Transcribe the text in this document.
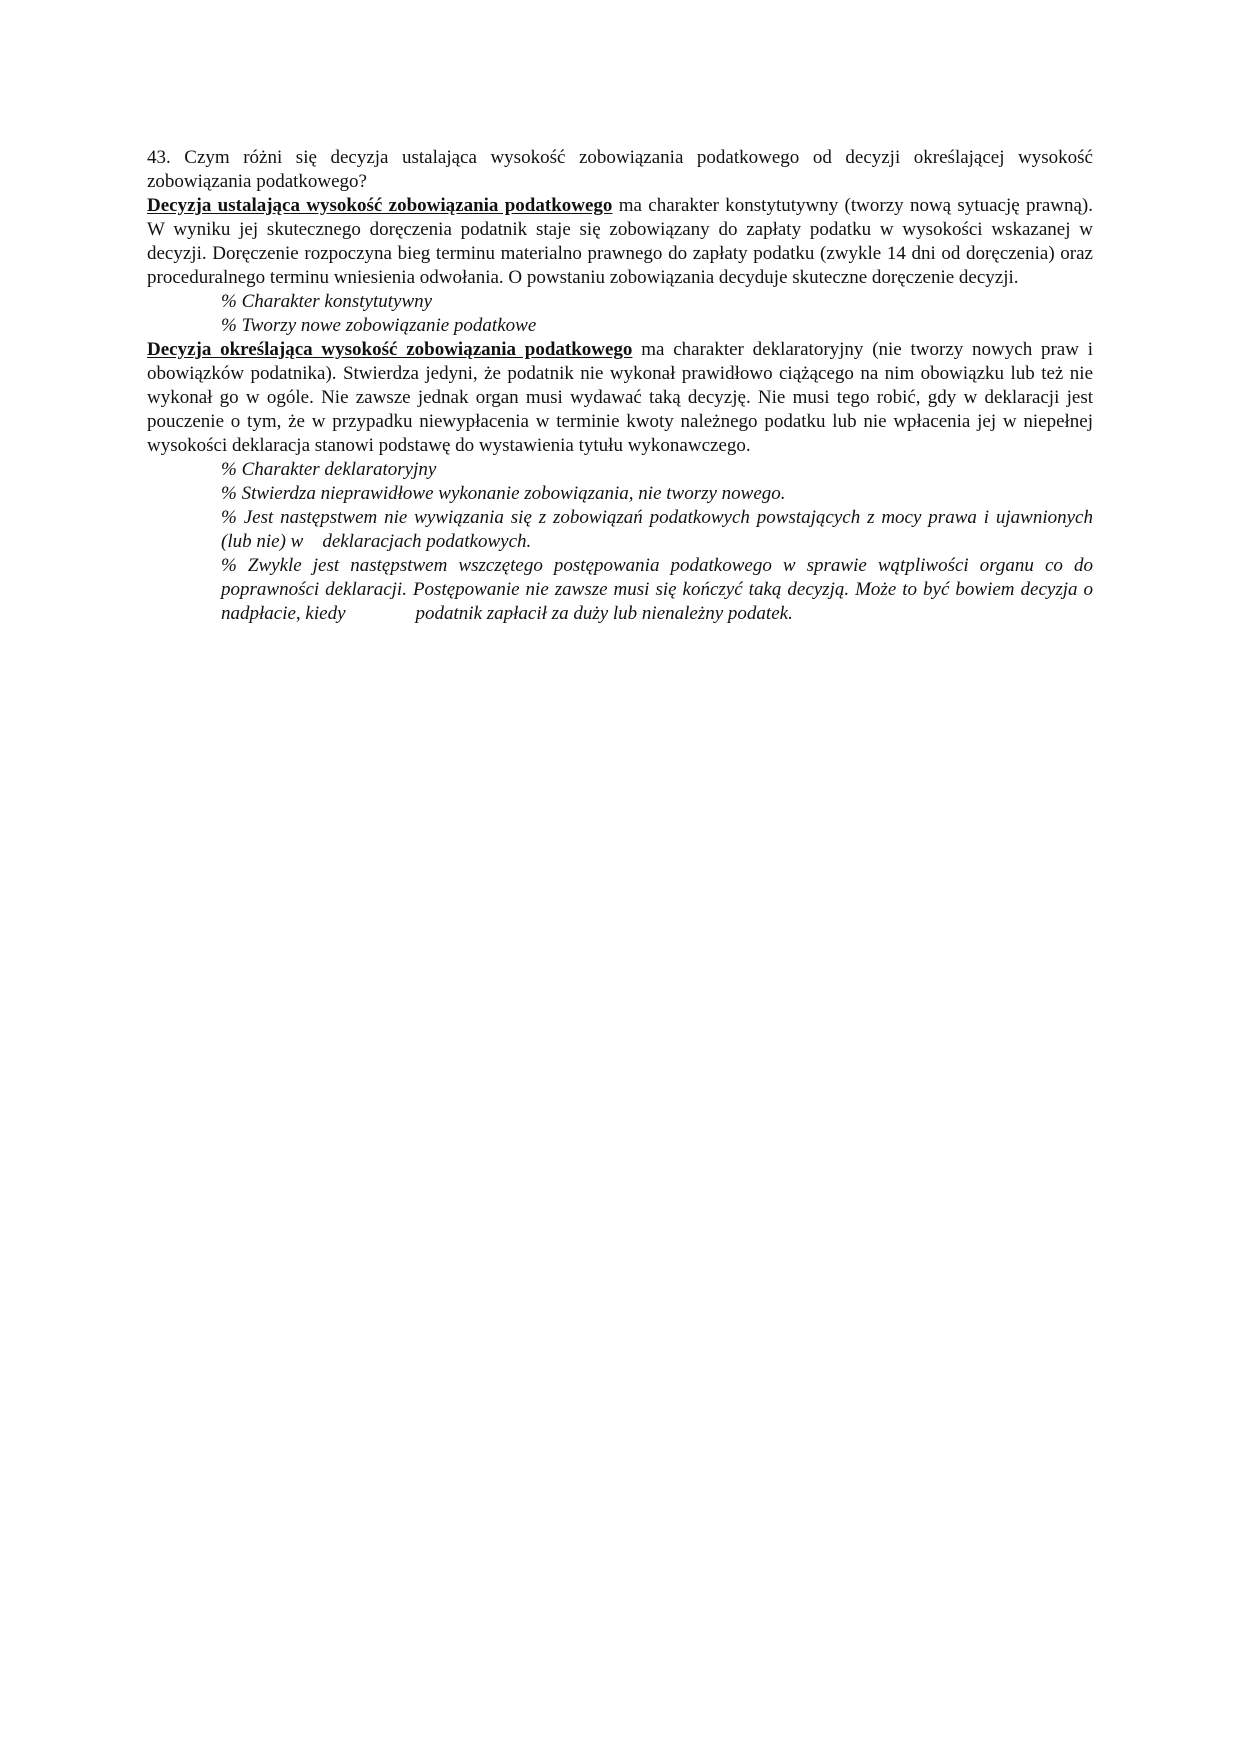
43. Czym różni się decyzja ustalająca wysokość zobowiązania podatkowego od decyzji określającej wysokość zobowiązania podatkowego?

Decyzja ustalająca wysokość zobowiązania podatkowego ma charakter konstytutywny (tworzy nową sytuację prawną). W wyniku jej skutecznego doręczenia podatnik staje się zobowiązany do zapłaty podatku w wysokości wskazanej w decyzji. Doręczenie rozpoczyna bieg terminu materialno prawnego do zapłaty podatku (zwykle 14 dni od doręczenia) oraz proceduralnego terminu wniesienia odwołania. O powstaniu zobowiązania decyduje skuteczne doręczenie decyzji.

% Charakter konstytutywny

% Tworzy nowe zobowiązanie podatkowe

Decyzja określająca wysokość zobowiązania podatkowego ma charakter deklaratoryjny (nie tworzy nowych praw i obowiązków podatnika). Stwierdza jedyni, że podatnik nie wykonał prawidłowo ciążącego na nim obowiązku lub też nie wykonał go w ogóle. Nie zawsze jednak organ musi wydawać taką decyzję. Nie musi tego robić, gdy w deklaracji jest pouczenie o tym, że w przypadku niewypłacenia w terminie kwoty należnego podatku lub nie wpłacenia jej w niepełnej wysokości deklaracja stanowi podstawę do wystawienia tytułu wykonawczego.

% Charakter deklaratoryjny

% Stwierdza nieprawidłowe wykonanie zobowiązania, nie tworzy nowego.

% Jest następstwem nie wywiązania się z zobowiązań podatkowych powstających z mocy prawa i ujawnionych (lub nie) w    deklaracjach podatkowych.

% Zwykle jest następstwem wszczętego postępowania podatkowego w sprawie wątpliwości organu co do poprawności deklaracji. Postępowanie nie zawsze musi się kończyć taką decyzją. Może to być bowiem decyzja o nadpłacie, kiedy	podatnik zapłacił za duży lub nienależny podatek.
